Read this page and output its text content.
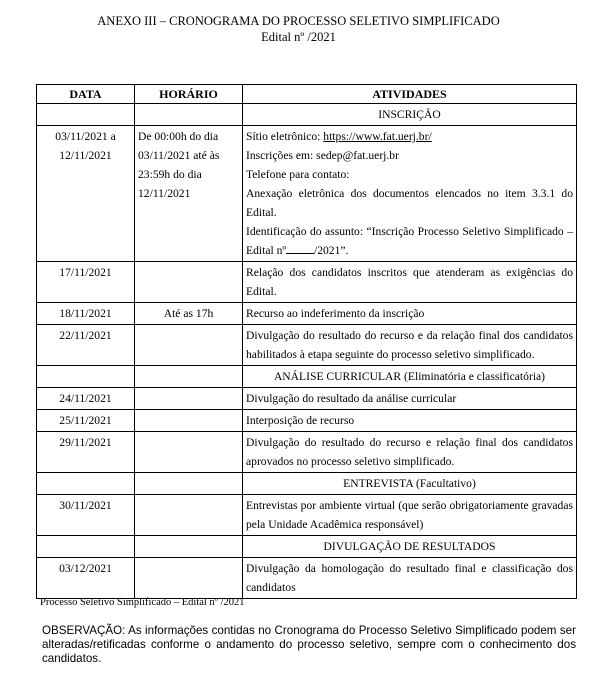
ANEXO III – CRONOGRAMA DO PROCESSO SELETIVO SIMPLIFICADO
Edital nº /2021
DATA	HORÁRIO	ATIVIDADES
		INSCRIÇÃO
03/11/2021 a 12/11/2021	De 00:00h do dia 03/11/2021 até às 23:59h do dia 12/11/2021	Sítio eletrônico: https://www.fat.uerj.br/
Inscrições em: sedep@fat.uerj.br
Telefone para contato:
Anexação eletrônica dos documentos elencados no item 3.3.1 do Edital.
Identificação do assunto: “Inscrição Processo Seletivo Simplificado – Edital nº /2021”.

17/11/2021		Relação dos candidatos inscritos que atenderam as exigências do Edital.
18/11/2021	Até as 17h	Recurso ao indeferimento da inscrição
22/11/2021		Divulgação do resultado do recurso e da relação final dos candidatos habilitados à etapa seguinte do processo seletivo simplificado.
		ANÁLISE CURRICULAR (Eliminatória e classificatória)
24/11/2021		Divulgação do resultado da análise curricular
25/11/2021		Interposição de recurso
29/11/2021		Divulgação do resultado do recurso e relação final dos candidatos aprovados no processo seletivo simplificado.
		ENTREVISTA (Facultativo)
30/11/2021		Entrevistas por ambiente virtual (que serão obrigatoriamente gravadas pela Unidade Acadêmica responsável)
		DIVULGAÇÃO DE RESULTADOS
03/12/2021		Divulgação da homologação do resultado final e classificação dos candidatos
Processo Seletivo Simplificado – Edital nº /2021
OBSERVAÇÃO: As informações contidas no Cronograma do Processo Seletivo Simplificado podem ser alteradas/retificadas conforme o andamento do processo seletivo, sempre com o conhecimento dos candidatos.
